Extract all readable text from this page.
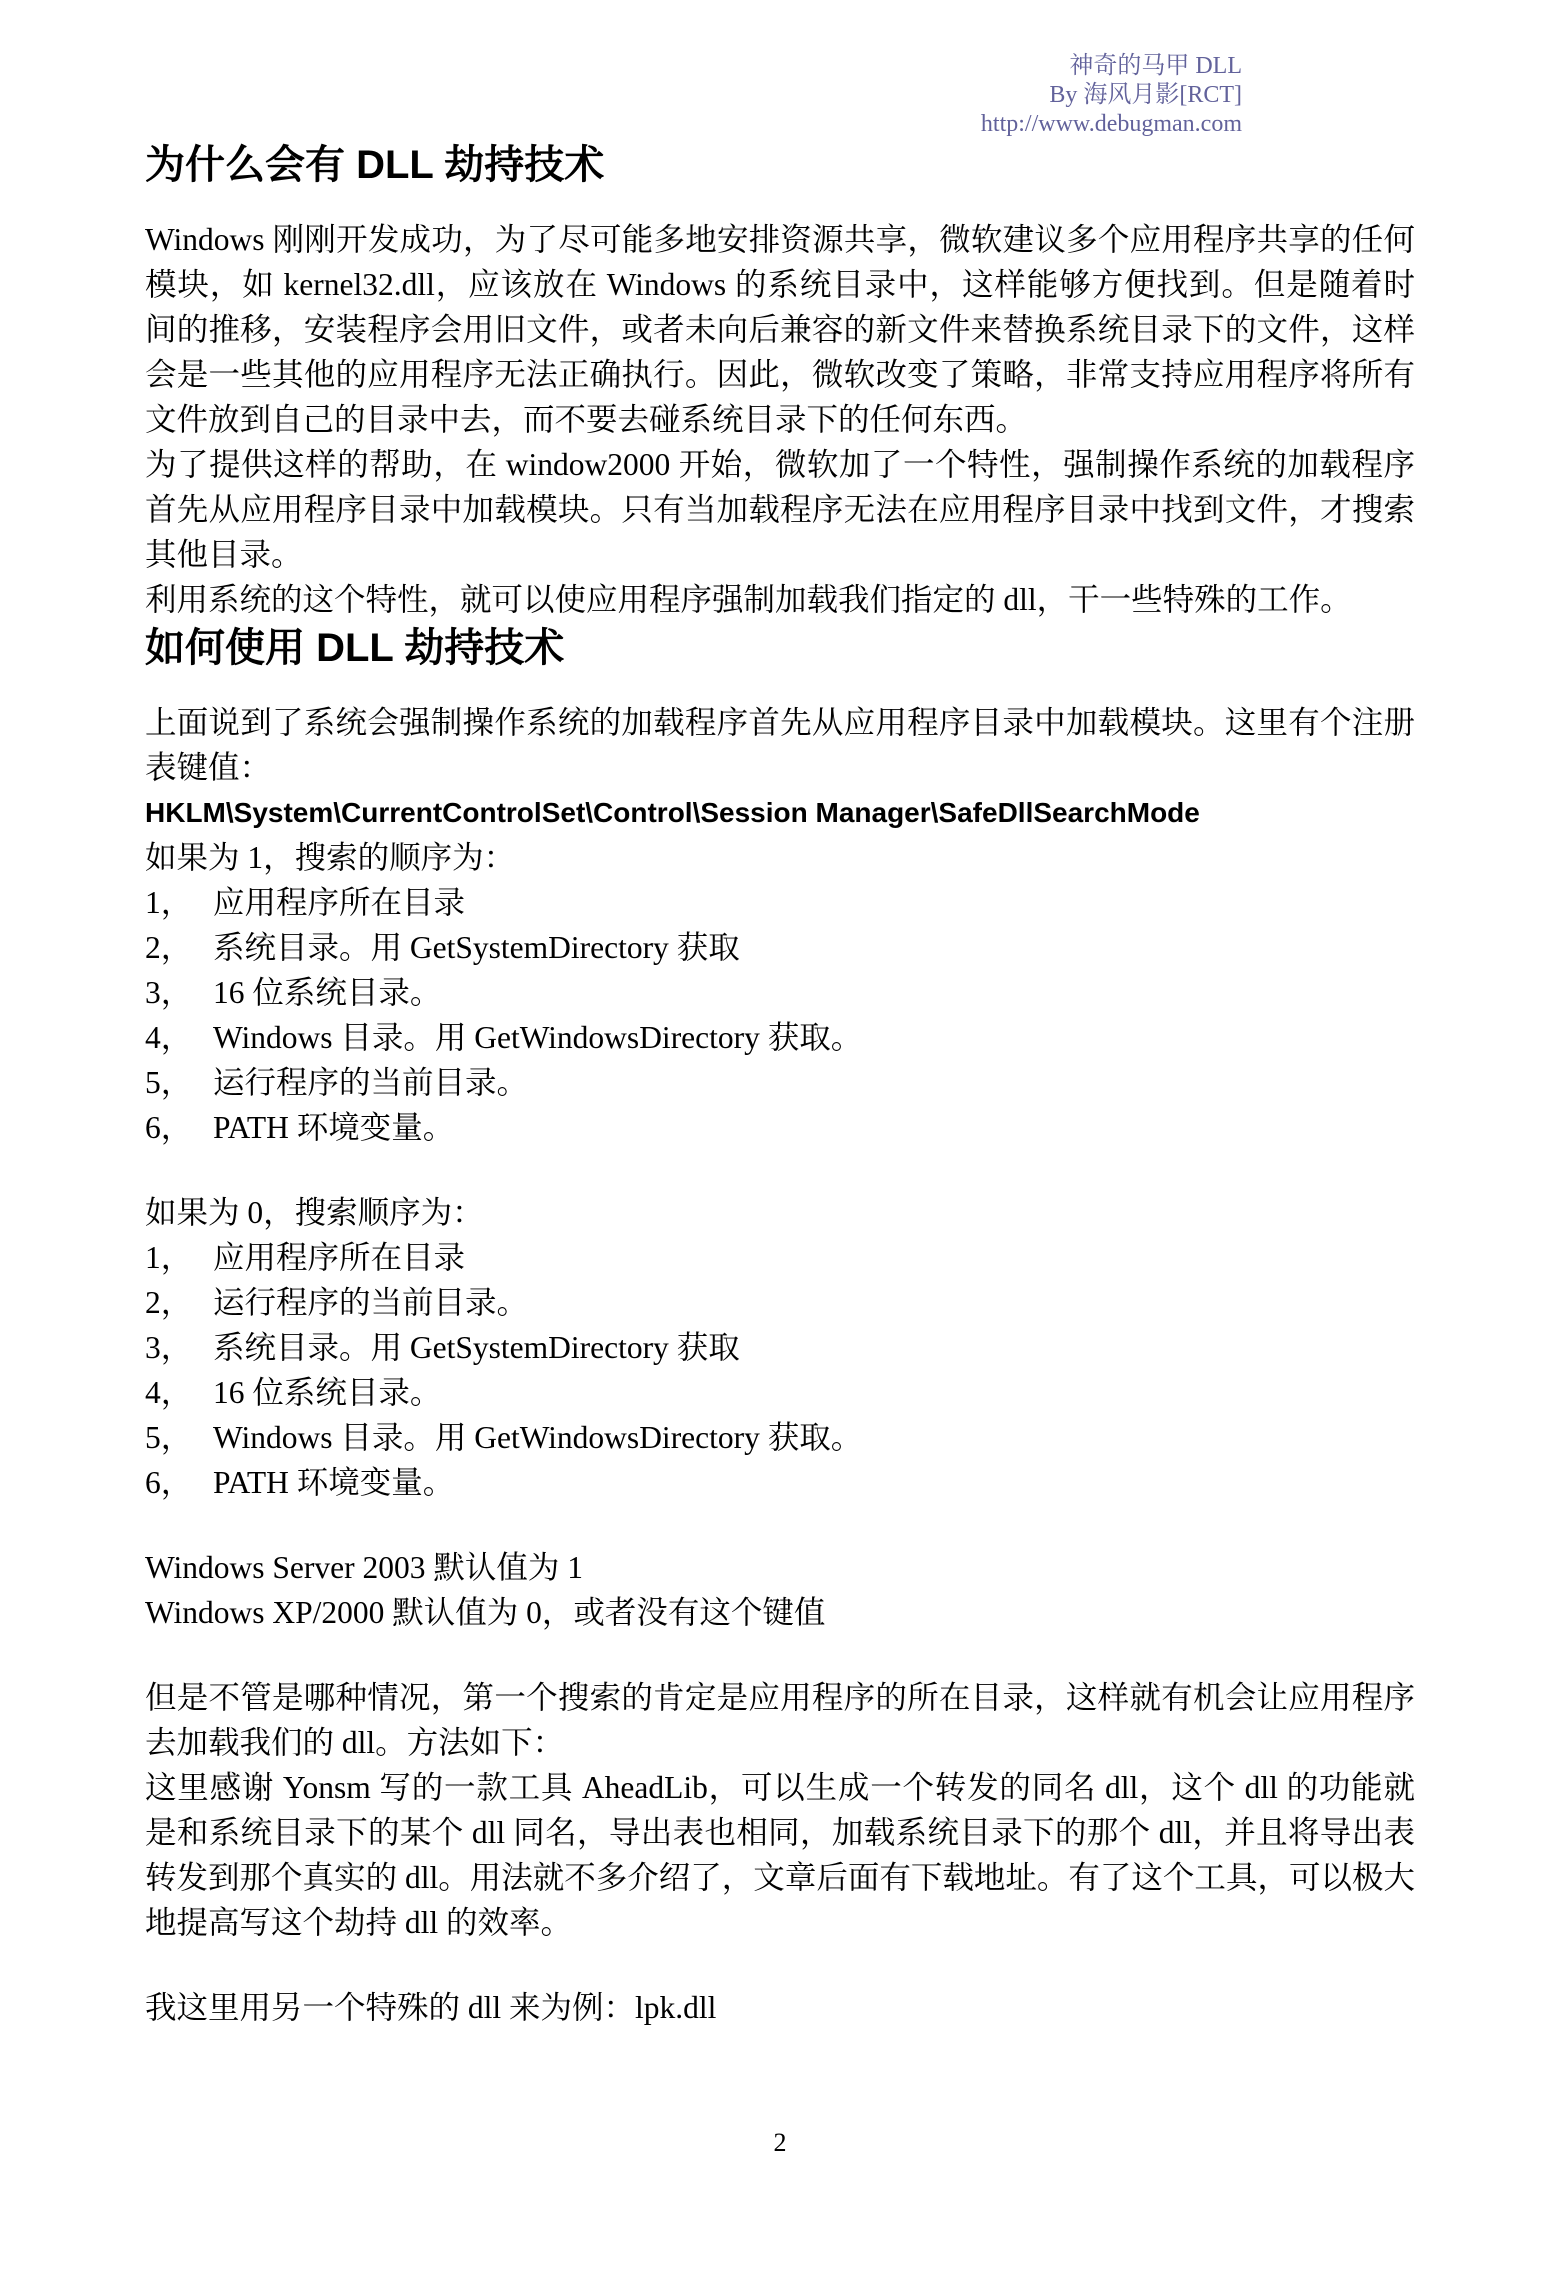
神奇的马甲 DLL
By 海风月影[RCT]
http://www.debugman.com
为什么会有 DLL 劫持技术

Windows 刚刚开发成功，为了尽可能多地安排资源共享，微软建议多个应用程序共享的任何模块，如 kernel32.dll，应该放在 Windows 的系统目录中，这样能够方便找到。但是随着时间的推移，安装程序会用旧文件，或者未向后兼容的新文件来替换系统目录下的文件，这样会是一些其他的应用程序无法正确执行。因此，微软改变了策略，非常支持应用程序将所有文件放到自己的目录中去，而不要去碰系统目录下的任何东西。

为了提供这样的帮助，在 window2000 开始，微软加了一个特性，强制操作系统的加载程序首先从应用程序目录中加载模块。只有当加载程序无法在应用程序目录中找到文件，才搜索其他目录。

利用系统的这个特性，就可以使应用程序强制加载我们指定的 dll，干一些特殊的工作。

如何使用 DLL 劫持技术

上面说到了系统会强制操作系统的加载程序首先从应用程序目录中加载模块。这里有个注册表键值：

HKLM\System\CurrentControlSet\Control\Session Manager\SafeDllSearchMode
如果为 1，搜索的顺序为：
1， 应用程序所在目录
2， 系统目录。用 GetSystemDirectory 获取
3， 16 位系统目录。
4， Windows 目录。用 GetWindowsDirectory 获取。
5， 运行程序的当前目录。
6， PATH 环境变量。
如果为 0，搜索顺序为：
1， 应用程序所在目录
2， 运行程序的当前目录。
3， 系统目录。用 GetSystemDirectory 获取
4， 16 位系统目录。
5， Windows 目录。用 GetWindowsDirectory 获取。
6， PATH 环境变量。
Windows Server 2003 默认值为 1
Windows XP/2000 默认值为 0，或者没有这个键值

但是不管是哪种情况，第一个搜索的肯定是应用程序的所在目录，这样就有机会让应用程序去加载我们的 dll。方法如下：

这里感谢 Yonsm 写的一款工具 AheadLib，可以生成一个转发的同名 dll，这个 dll 的功能就是和系统目录下的某个 dll 同名，导出表也相同，加载系统目录下的那个 dll，并且将导出表转发到那个真实的 dll。用法就不多介绍了，文章后面有下载地址。有了这个工具，可以极大地提高写这个劫持 dll 的效率。

我这里用另一个特殊的 dll 来为例：lpk.dll

2
